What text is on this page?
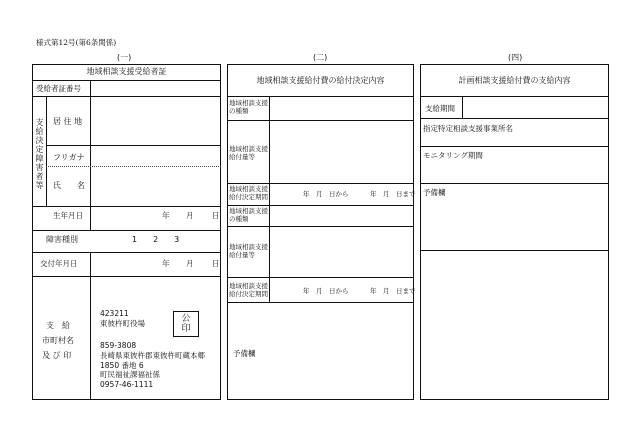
様式第12号(第6条関係)
(一)	(二)	(四)
地域相談支援受給者証
受給者証番号
支給決定障害者等 居 住 地
フリガナ
氏　　名
生年月日	年 月 日
障害種別	1　　2　　3
交付年月日	年 月 日
支　給
市町村名
及 び 印
423211
東彼杵町役場	公印
859-3808
長崎県東彼杵郡東彼杵町蔵本郷
1850 番地 6
町民福祉課福祉係
0957-46-1111
地域相談支援給付費の給付決定内容
地域相談支援の種類
地域相談支援給付量等
地域相談支援給付決定期間	年　月　日から	年　月　日まで
地域相談支援の種類
地域相談支援給付量等
地域相談支援給付決定期間	年　月　日から	年　月　日まで
予備欄
計画相談支援給付費の支給内容
支給期間
指定特定相談支援事業所名
モニタリング期間
予備欄
